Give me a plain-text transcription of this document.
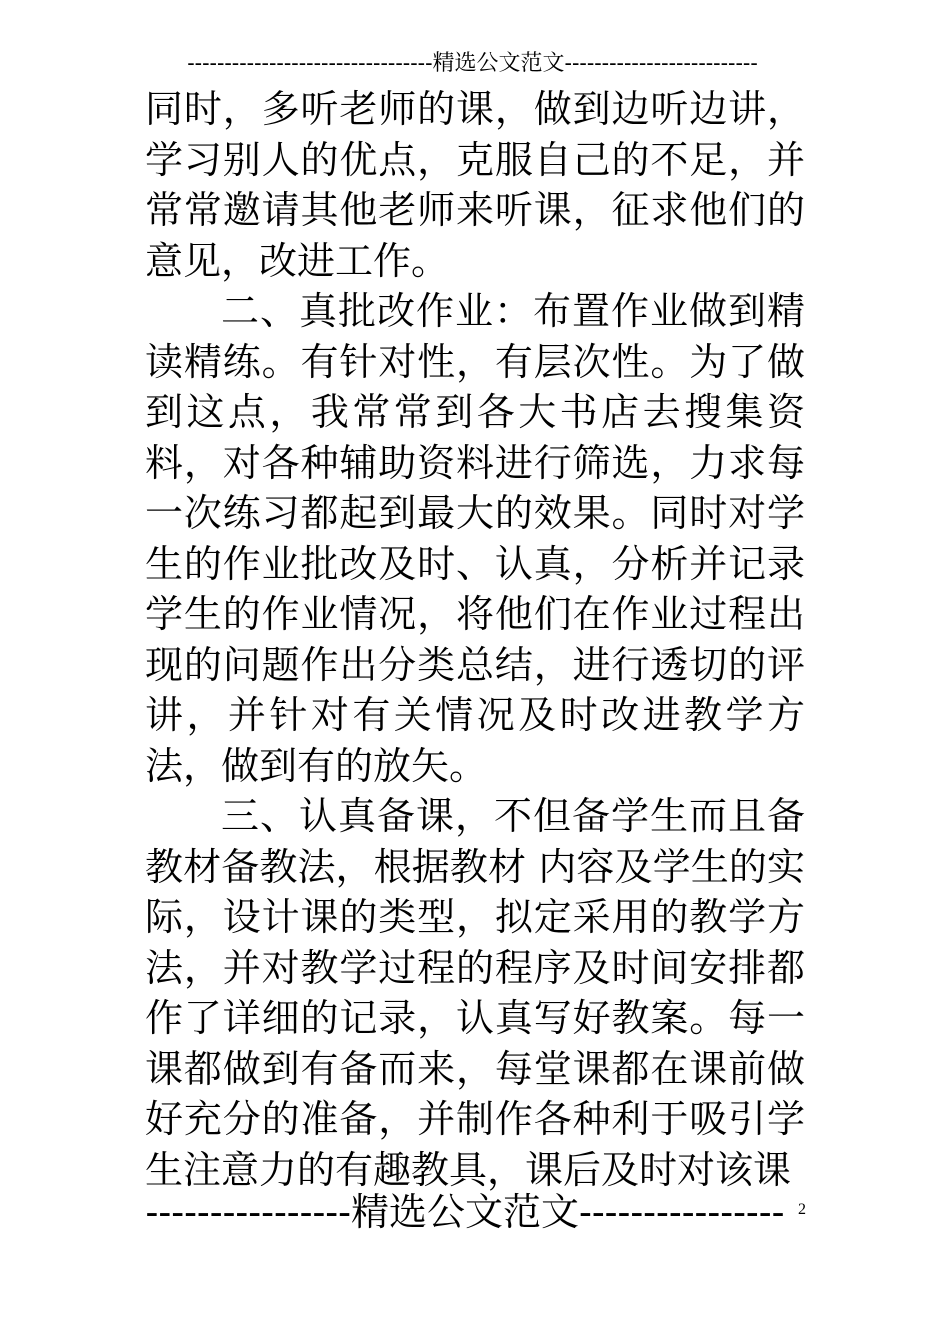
---------------------------------精选公文范文--------------------------

同时，多听老师的课，做到边听边讲，学习别人的优点，克服自己的不足，并常常邀请其他老师来听课，征求他们的意见，改进工作。

二、真批改作业：布置作业做到精读精练。有针对性，有层次性。为了做到这点，我常常到各大书店去搜集资料，对各种辅助资料进行筛选，力求每一次练习都起到最大的效果。同时对学生的作业批改及时、认真，分析并记录学生的作业情况，将他们在作业过程出现的问题作出分类总结，进行透切的评讲，并针对有关情况及时改进教学方法，做到有的放矢。

三、认真备课，不但备学生而且备教材备教法，根据教材 内容及学生的实际，设计课的类型，拟定采用的教学方法，并对教学过程的程序及时间安排都作了详细的记录，认真写好教案。每一课都做到有备而来，每堂课都在课前做好充分的准备，并制作各种利于吸引学生注意力的有趣教具，课后及时对该课

----------------精选公文范文---------------- 2
